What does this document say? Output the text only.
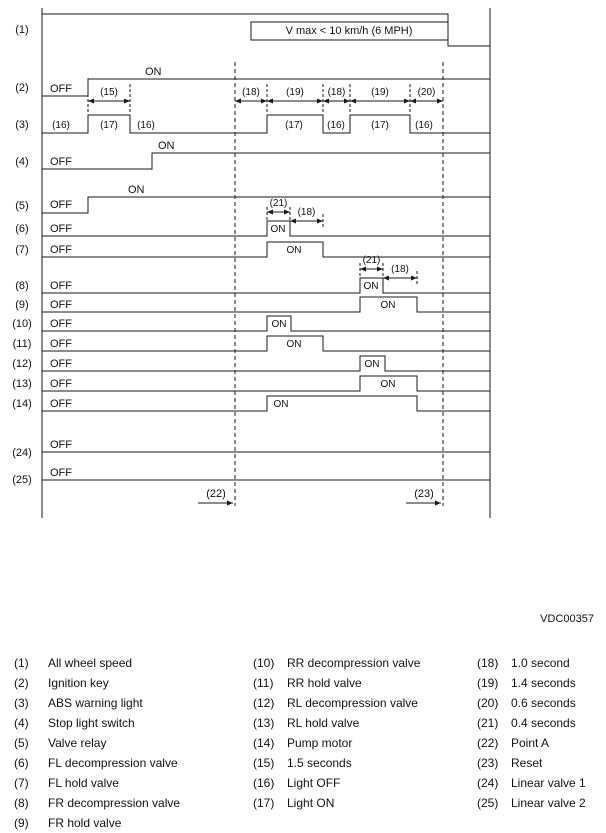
(15)	(18)	(19) (18)	(19)	(20)
(21)
(18)
(21)
(18)
(1)
(2)
(3)
(4)
(5)
(6)
(7)
(8)
(9)
(10)
(11)
(12)
(13)
(14)
(24)
(25)
V max < 10 km/h (6 MPH)
OFF
ON
(16)	(17) (16)	(17) (16)	(17)	(16)
OFF
ON
OFF
ON
OFF	ON
OFF	ON
OFF	ON
OFF	ON
OFF	ON
OFF	ON
OFF	ON
OFF	ON
OFF	ON
OFF
OFF
(22)	(23)
VDC00357
(1)	All wheel speed
(2)	Ignition key
(3)	ABS warning light
(4)	Stop light switch
(5)	Valve relay
(6)	FL decompression valve
(7)	FL hold valve
(8)	FR decompression valve
(9)	FR hold valve
(10)	RR decompression valve
(11)	RR hold valve
(12)	RL decompression valve
(13)	RL hold valve
(14)	Pump motor
(15)	1.5 seconds
(16)	Light OFF
(17)	Light ON
(18)	1.0 second
(19)	1.4 seconds
(20)	0.6 seconds
(21)	0.4 seconds
(22)	Point A
(23)	Reset
(24)	Linear valve 1
(25)	Linear valve 2
